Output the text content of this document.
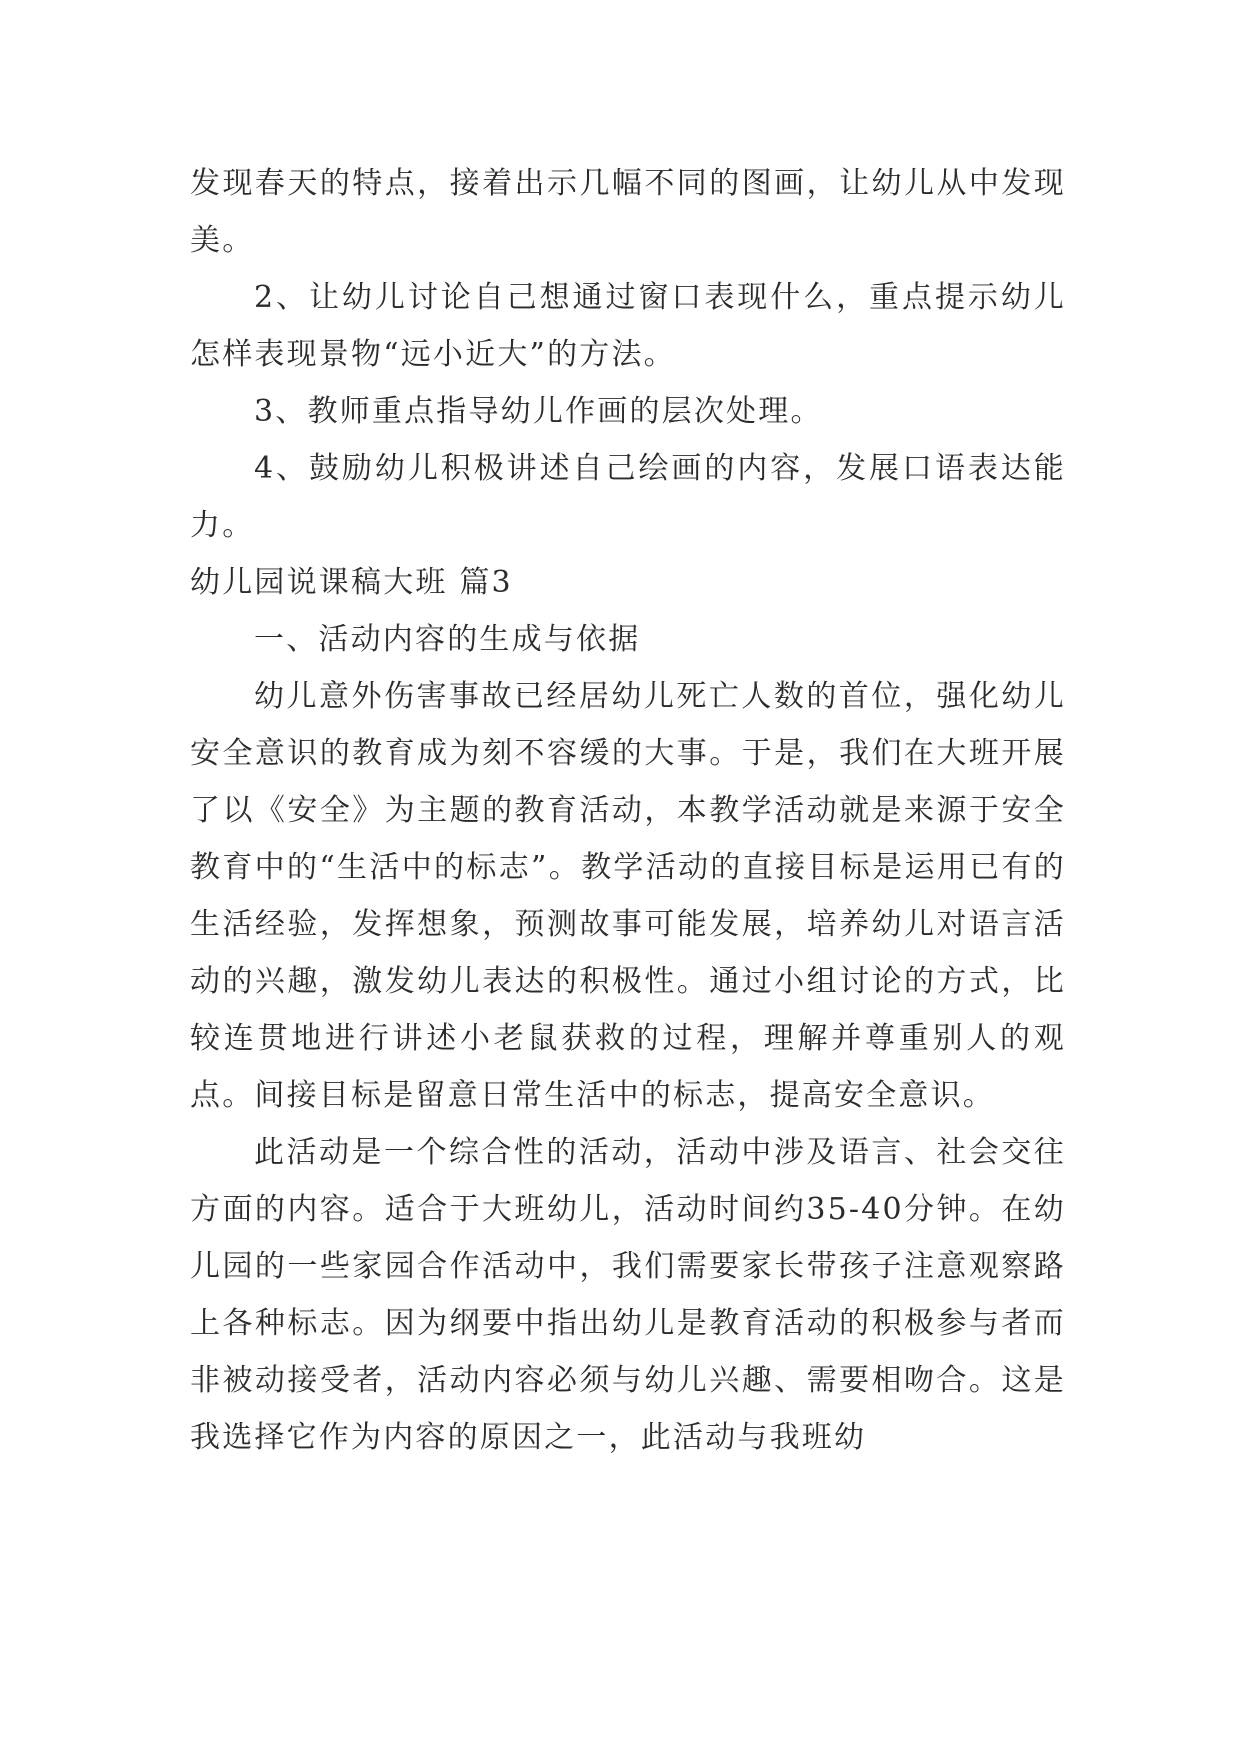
发现春天的特点，接着出示几幅不同的图画，让幼儿从中发现美。

2、让幼儿讨论自己想通过窗口表现什么，重点提示幼儿怎样表现景物“远小近大”的方法。

3、教师重点指导幼儿作画的层次处理。

4、鼓励幼儿积极讲述自己绘画的内容，发展口语表达能力。

幼儿园说课稿大班 篇3

一、活动内容的生成与依据

幼儿意外伤害事故已经居幼儿死亡人数的首位，强化幼儿安全意识的教育成为刻不容缓的大事。于是，我们在大班开展了以《安全》为主题的教育活动，本教学活动就是来源于安全教育中的“生活中的标志”。教学活动的直接目标是运用已有的生活经验，发挥想象，预测故事可能发展，培养幼儿对语言活动的兴趣，激发幼儿表达的积极性。通过小组讨论的方式，比较连贯地进行讲述小老鼠获救的过程，理解并尊重别人的观点。间接目标是留意日常生活中的标志，提高安全意识。

此活动是一个综合性的活动，活动中涉及语言、社会交往方面的内容。适合于大班幼儿，活动时间约35-40分钟。在幼儿园的一些家园合作活动中，我们需要家长带孩子注意观察路上各种标志。因为纲要中指出幼儿是教育活动的积极参与者而非被动接受者，活动内容必须与幼儿兴趣、需要相吻合。这是我选择它作为内容的原因之一，此活动与我班幼
